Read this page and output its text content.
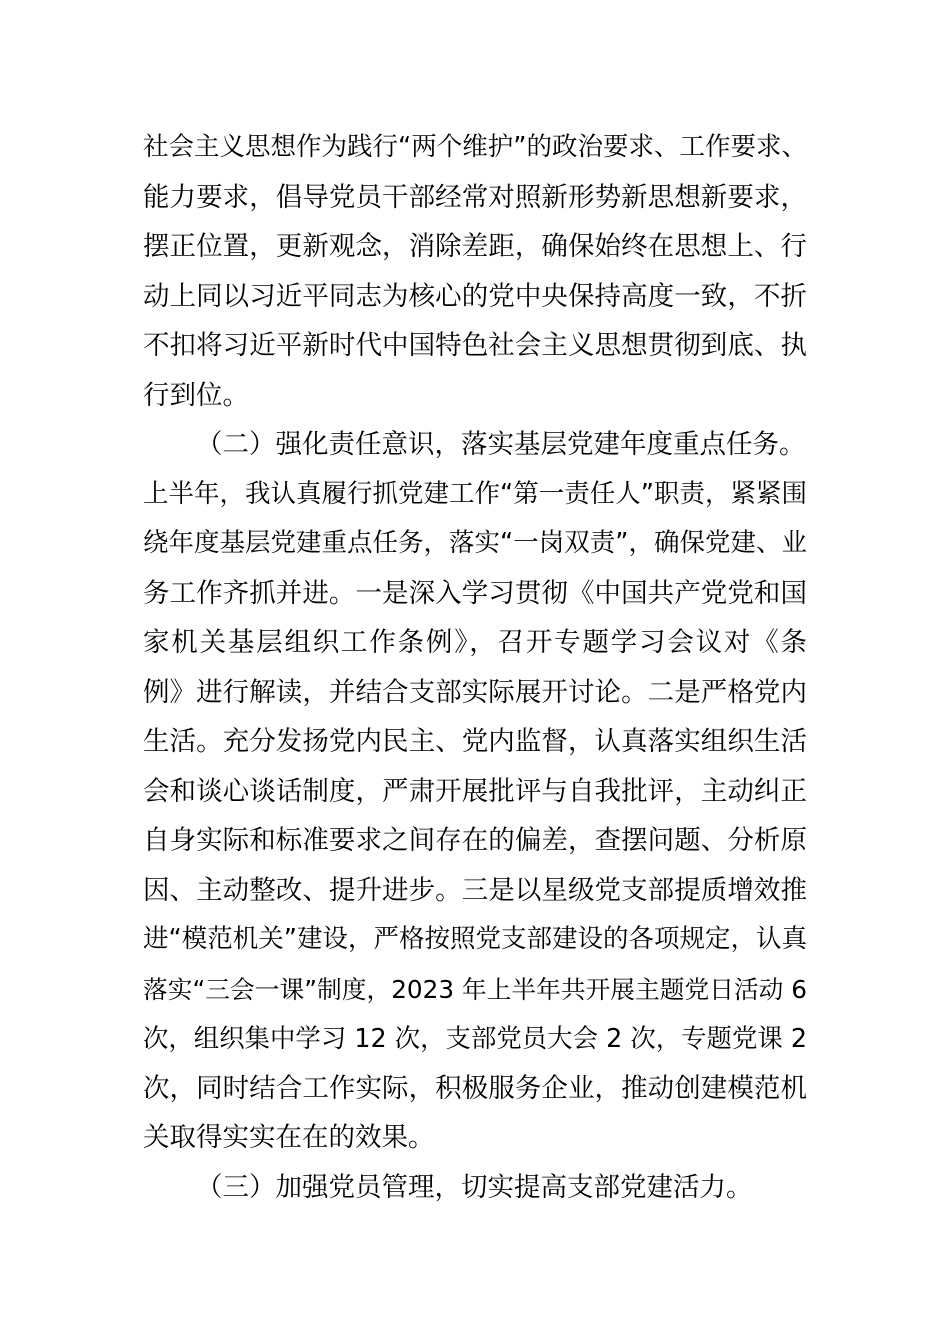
社会主义思想作为践行“两个维护”的政治要求、工作要求、
能力要求，倡导党员干部经常对照新形势新思想新要求，
摆正位置，更新观念，消除差距，确保始终在思想上、行
动上同以习近平同志为核心的党中央保持高度一致，不折
不扣将习近平新时代中国特色社会主义思想贯彻到底、执
行到位。
（二）强化责任意识，落实基层党建年度重点任务。
上半年，我认真履行抓党建工作“第一责任人”职责，紧紧围
绕年度基层党建重点任务，落实“一岗双责”，确保党建、业
务工作齐抓并进。一是深入学习贯彻《中国共产党党和国
家机关基层组织工作条例》，召开专题学习会议对《条
例》进行解读，并结合支部实际展开讨论。二是严格党内
生活。充分发扬党内民主、党内监督，认真落实组织生活
会和谈心谈话制度，严肃开展批评与自我批评，主动纠正
自身实际和标准要求之间存在的偏差，查摆问题、分析原
因、主动整改、提升进步。三是以星级党支部提质增效推
进“模范机关”建设，严格按照党支部建设的各项规定，认真
落实“三会一课”制度，2023 年上半年共开展主题党日活动 6
次，组织集中学习 12 次，支部党员大会 2 次，专题党课 2
次，同时结合工作实际，积极服务企业，推动创建模范机
关取得实实在在的效果。
（三）加强党员管理，切实提高支部党建活力。
